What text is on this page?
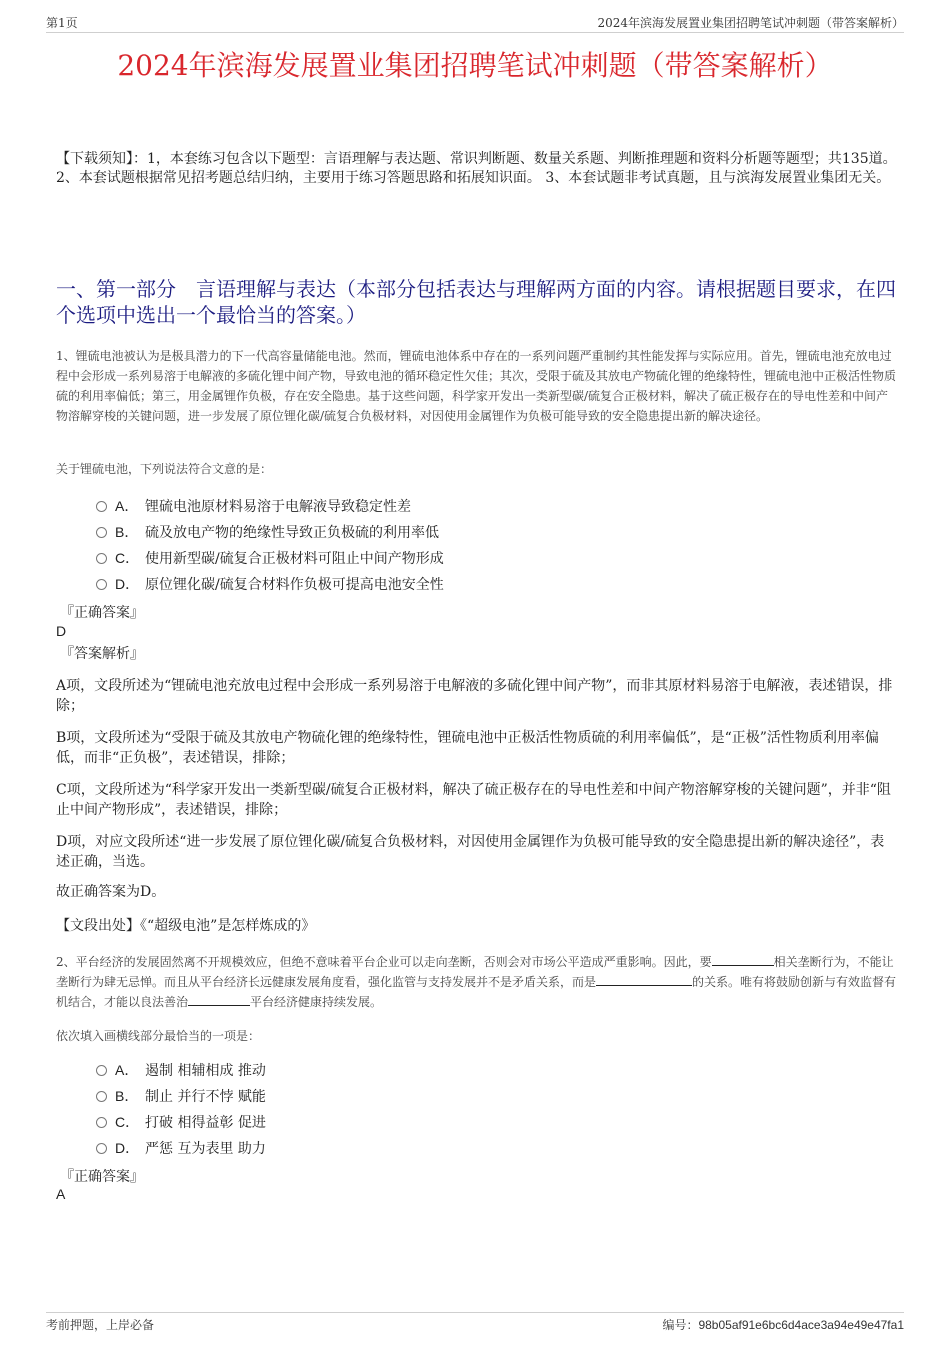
第1页	2024年滨海发展置业集团招聘笔试冲刺题（带答案解析）
2024年滨海发展置业集团招聘笔试冲刺题（带答案解析）

【下载须知】：1，本套练习包含以下题型：言语理解与表达题、常识判断题、数量关系题、判断推理题和资料分析题等题型；共135道。 2、本套试题根据常见招考题总结归纳，主要用于练习答题思路和拓展知识面。 3、本套试题非考试真题，且与滨海发展置业集团无关。

一、第一部分　言语理解与表达（本部分包括表达与理解两方面的内容。请根据题目要求，在四个选项中选出一个最恰当的答案。）

1、锂硫电池被认为是极具潜力的下一代高容量储能电池。然而，锂硫电池体系中存在的一系列问题严重制约其性能发挥与实际应用。首先，锂硫电池充放电过程中会形成一系列易溶于电解液的多硫化锂中间产物，导致电池的循环稳定性欠佳；其次，受限于硫及其放电产物硫化锂的绝缘特性，锂硫电池中正极活性物质硫的利用率偏低；第三，用金属锂作负极，存在安全隐患。基于这些问题，科学家开发出一类新型碳/硫复合正极材料，解决了硫正极存在的导电性差和中间产物溶解穿梭的关键问题，进一步发展了原位锂化碳/硫复合负极材料，对因使用金属锂作为负极可能导致的安全隐患提出新的解决途径。

关于锂硫电池，下列说法符合文意的是：

A． 锂硫电池原材料易溶于电解液导致稳定性差
B． 硫及放电产物的绝缘性导致正负极硫的利用率低
C． 使用新型碳/硫复合正极材料可阻止中间产物形成
D． 原位锂化碳/硫复合材料作负极可提高电池安全性

『正确答案』

D

『答案解析』

A项，文段所述为“锂硫电池充放电过程中会形成一系列易溶于电解液的多硫化锂中间产物”，而非其原材料易溶于电解液，表述错误，排除；

B项，文段所述为“受限于硫及其放电产物硫化锂的绝缘特性，锂硫电池中正极活性物质硫的利用率偏低”，是“正极”活性物质利用率偏低，而非“正负极”，表述错误，排除；

C项，文段所述为“科学家开发出一类新型碳/硫复合正极材料，解决了硫正极存在的导电性差和中间产物溶解穿梭的关键问题”，并非“阻止中间产物形成”，表述错误，排除；

D项，对应文段所述“进一步发展了原位锂化碳/硫复合负极材料，对因使用金属锂作为负极可能导致的安全隐患提出新的解决途径”，表述正确，当选。

故正确答案为D。

【文段出处】《“超级电池”是怎样炼成的》

2、平台经济的发展固然离不开规模效应，但绝不意味着平台企业可以走向垄断，否则会对市场公平造成严重影响。因此，要	相关垄断行为，不能让垄断行为肆无忌惮。而且从平台经济长远健康发展角度看，强化监管与支持发展并不是矛盾关系，而是	的关系。唯有将鼓励创新与有效监督有机结合，才能以良法善治	平台经济健康持续发展。

依次填入画横线部分最恰当的一项是：

A． 遏制 相辅相成 推动
B． 制止 并行不悖 赋能
C． 打破 相得益彰 促进
D． 严惩 互为表里 助力

『正确答案』

A

考前押题，上岸必备	编号：98b05af91e6bc6d4ace3a94e49e47fa1
